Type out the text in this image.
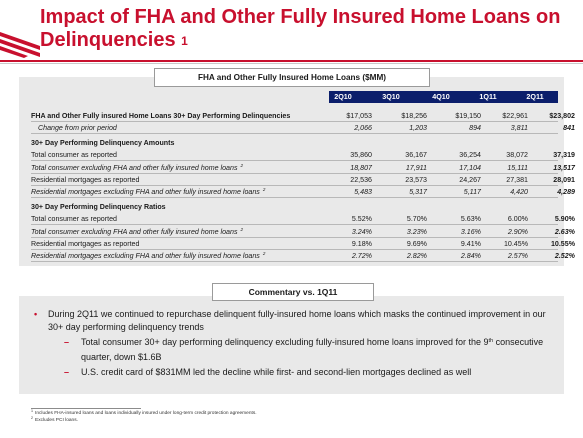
Impact of FHA and Other Fully Insured Home Loans on Delinquencies $^1$
FHA and Other Fully Insured Home Loans ($MM)
2Q10	3Q10	4Q10	1Q11	2Q11
FHA and Other Fully insured Home Loans 30+ Day Performing Delinquencies	$17,053	$18,256	$19,150	$22,961	$23,802
Change from prior period	2,066	1,203	894	3,811	841
30+ Day Performing Delinquency Amounts
Total consumer as reported	35,860	36,167	36,254	38,072	37,319
Total consumer excluding FHA and other fully insured home loans $^2$	18,807	17,911	17,104	15,111	13,517
Residential mortgages as reported	22,536	23,573	24,267	27,381	28,091
Residential mortgages excluding FHA and other fully insured home loans $^2$	5,483	5,317	5,117	4,420	4,289
30+ Day Performing Delinquency Ratios
Total consumer as reported	5.52%	5.70%	5.63%	6.00%	5.90%
Total consumer excluding FHA and other fully insured home loans $^2$	3.24%	3.23%	3.16%	2.90%	2.63%
Residential mortgages as reported	9.18%	9.69%	9.41%	10.45%	10.55%
Residential mortgages excluding FHA and other fully insured home loans $^2$	2.72%	2.82%	2.84%	2.57%	2.52%
Commentary vs. 1Q11
• During 2Q11 we continued to repurchase delinquent fully-insured home loans which masks the continued improvement in our 30+ day performing delinquency trends
– Total consumer 30+ day performing delinquency excluding fully-insured home loans improved for the 9th consecutive quarter, down $1.6B
– U.S. credit card of $831MM led the decline while first- and second-lien mortgages declined as well
$^1$ Includes FHA-insured loans and loans individually insured under long-term credit protection agreements.
$^2$ Excludes PCI loans.
